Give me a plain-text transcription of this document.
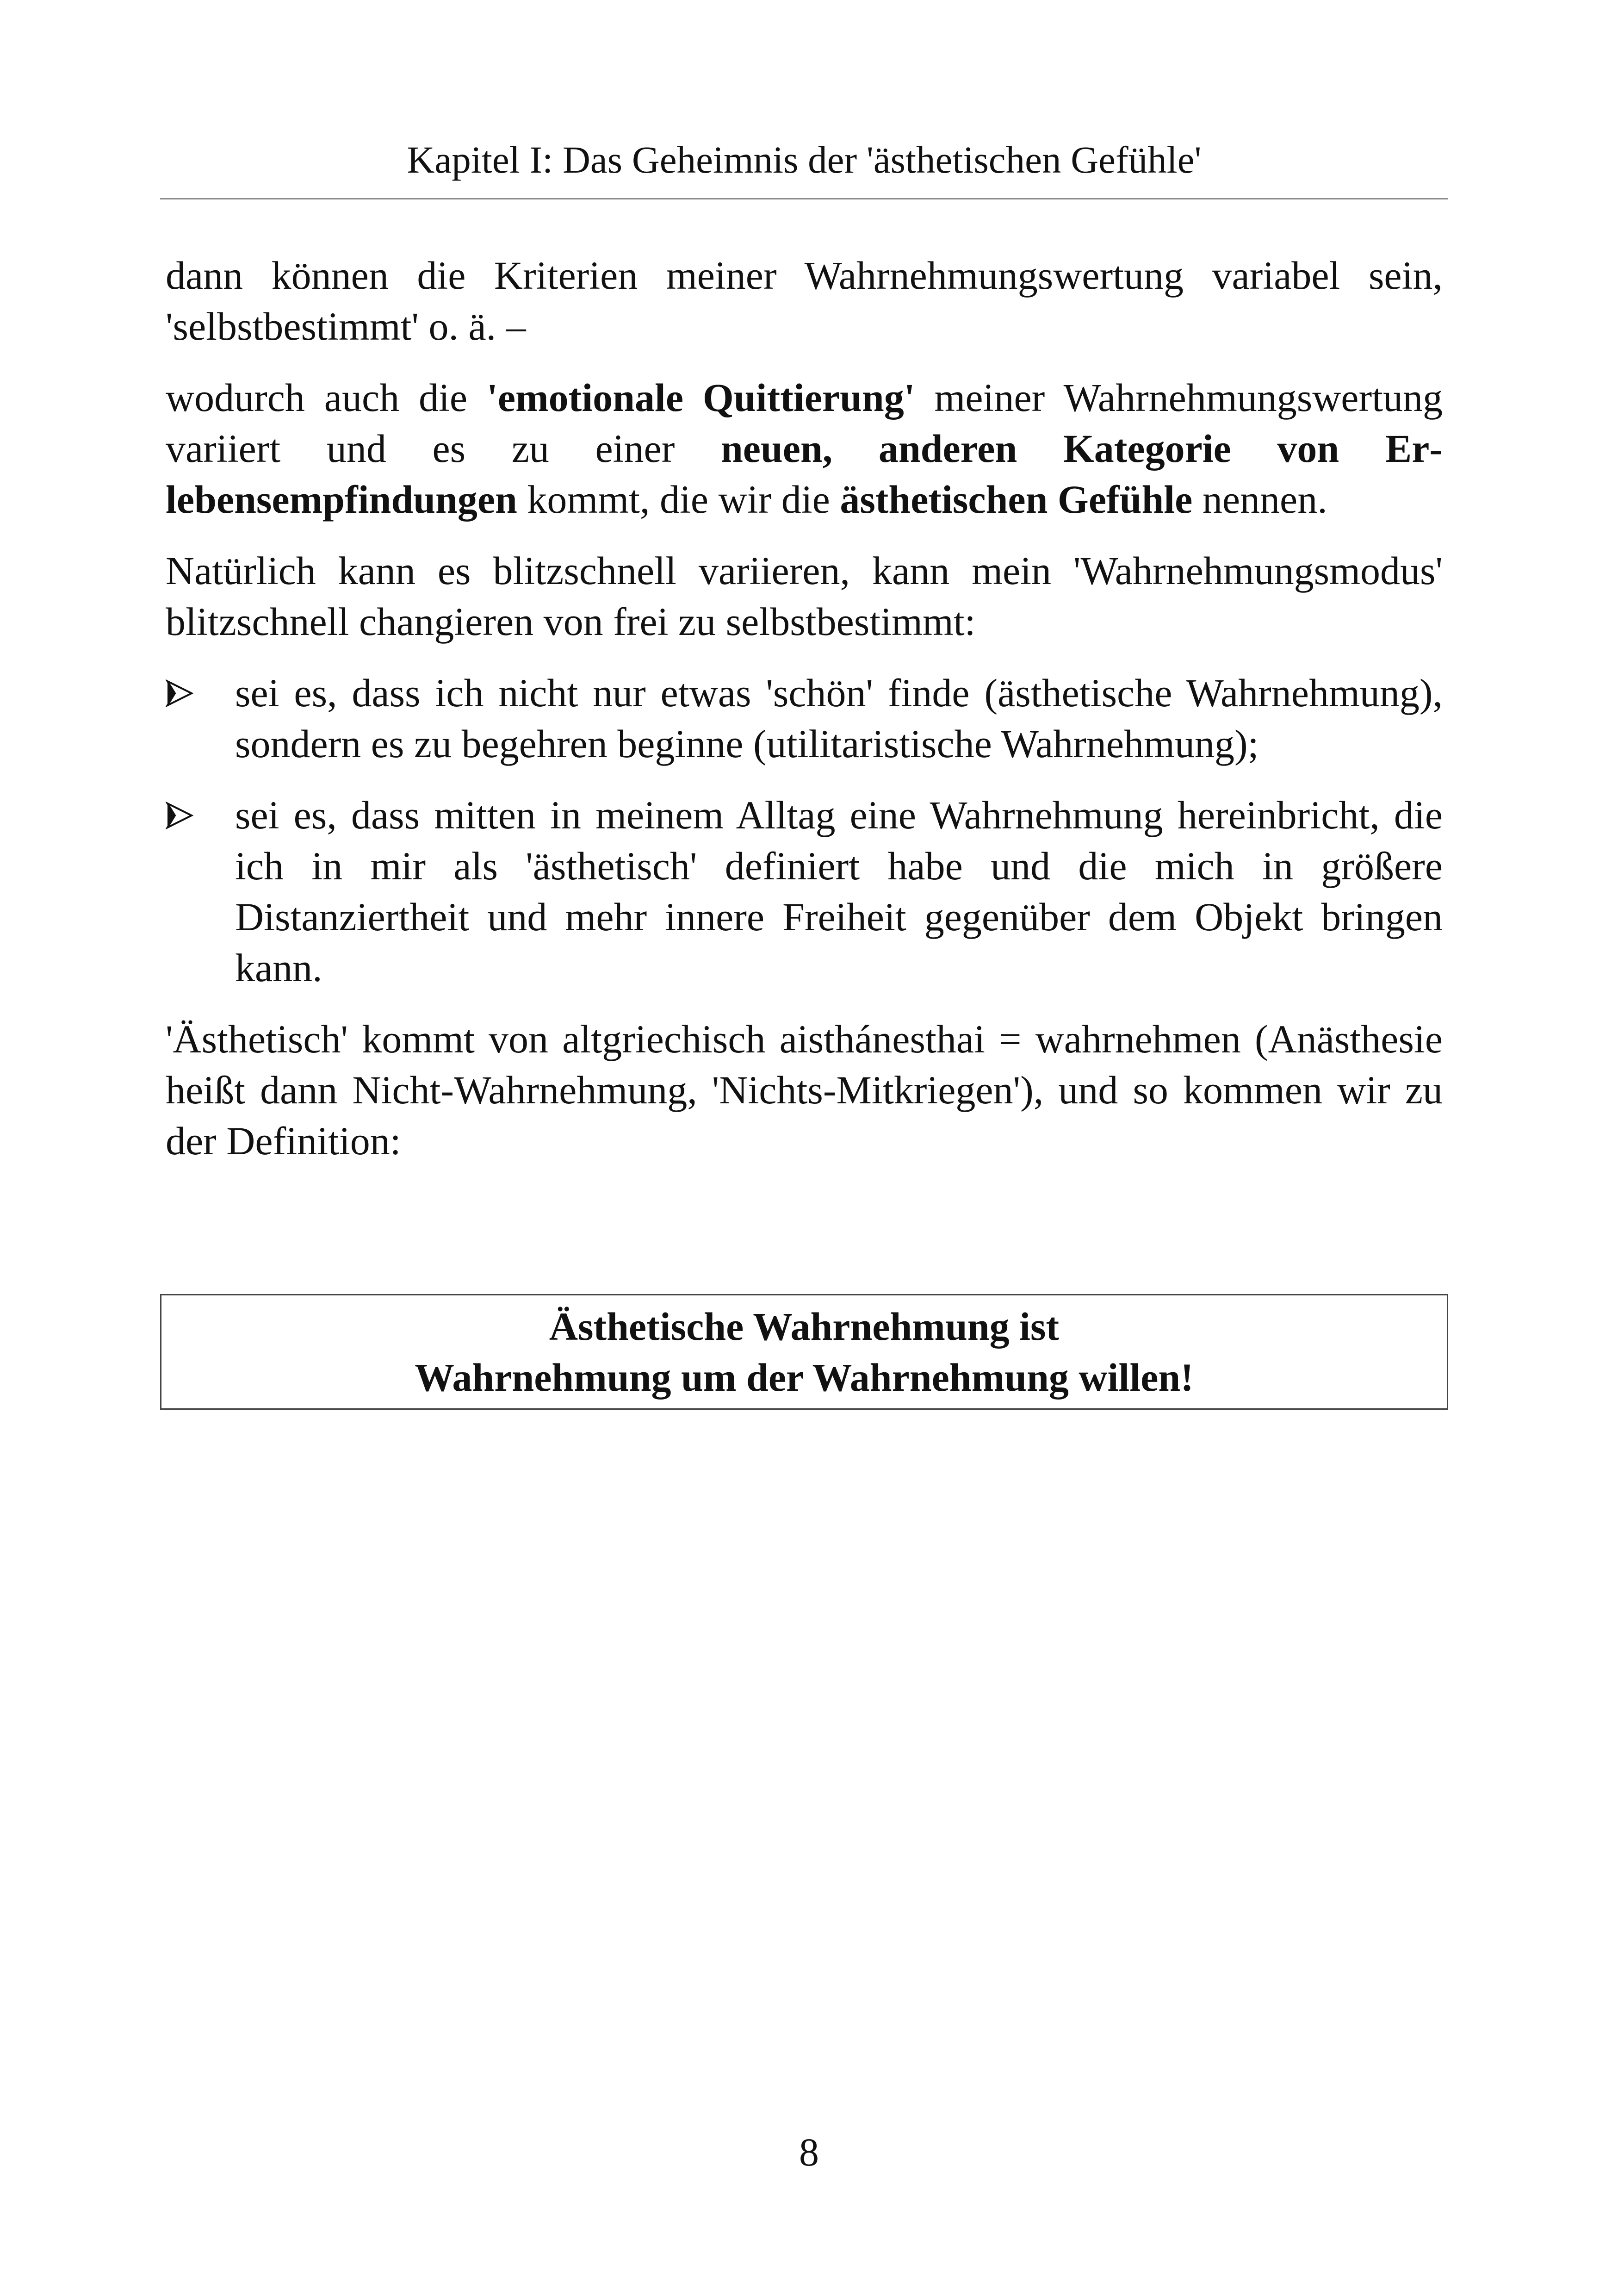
Kapitel I: Das Geheimnis der 'ästhetischen Gefühle'

dann können die Kriterien meiner Wahrnehmungswertung variabel sein, 'selbstbestimmt' o. ä. –

wodurch auch die 'emotionale Quittierung' meiner Wahrnehmungswertung variiert und es zu einer neuen, anderen Kategorie von Erlebensempfindungen kommt, die wir die ästhetischen Gefühle nennen.

Natürlich kann es blitzschnell variieren, kann mein 'Wahrnehmungsmodus' blitzschnell changieren von frei zu selbstbestimmt:

sei es, dass ich nicht nur etwas 'schön' finde (ästhetische Wahrnehmung), sondern es zu begehren beginne (utilitaristische Wahrnehmung);
sei es, dass mitten in meinem Alltag eine Wahrnehmung hereinbricht, die ich in mir als 'ästhetisch' definiert habe und die mich in größere Distanziertheit und mehr innere Freiheit gegenüber dem Objekt bringen kann.

'Ästhetisch' kommt von altgriechisch aisthánesthai = wahrnehmen (Anästhesie heißt dann Nicht-Wahrnehmung, 'Nichts-Mitkriegen'), und so kommen wir zu der Definition:

Ästhetische Wahrnehmung ist
Wahrnehmung um der Wahrnehmung willen!
8
